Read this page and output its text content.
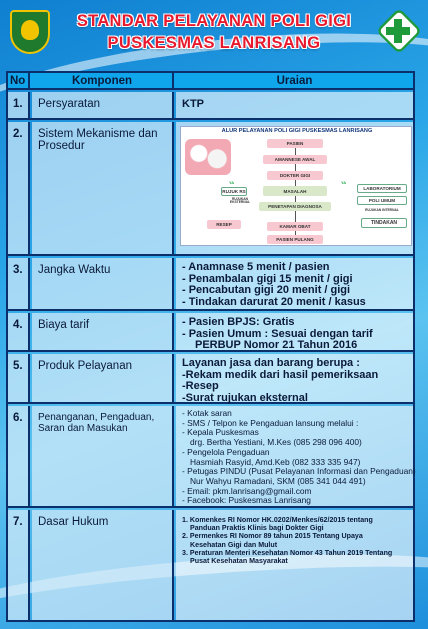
STANDAR PELAYANAN POLI GIGI
PUSKESMAS LANRISANG
No	Komponen	Uraian
1.	Persyaratan	KTP
2.	Sistem Mekanisme dan Prosedur
ALUR PELAYANAN POLI GIGI PUSKESMAS LANRISANG
PASIEN
AMANNESE AWAL
DOKTER GIGI
MASALAH
PENETAPAN DIAGNOSA
RUJUK RS
YA
RUJUKAN EKSTERNAL
LABORATORIUM
YA
POLI UMUM
RUJUKAN INTERNAL
TINDAKAN
RESEP	KAMAR OBAT
PASIEN PULANG
3.	Jangka Waktu	- Anamnase 5 menit / pasien
- Penambalan gigi 15 menit / gigi
- Pencabutan gigi 20 menit / gigi
- Tindakan darurat 20 menit / kasus
4.	Biaya tarif	- Pasien BPJS: Gratis
- Pasien Umum : Sesuai dengan tarif
PERBUP Nomor 21 Tahun 2016
5.	Produk Pelayanan	Layanan jasa dan barang berupa :
-Rekam medik dari hasil pemeriksaan
-Resep
-Surat rujukan eksternal
6.	Penanganan, Pengaduan, Saran dan Masukan
- Kotak saran
- SMS / Telpon ke Pengaduan lansung melalui :
- Kepala Puskesmas
drg. Bertha Yestiani, M.Kes (085 298 096 400)
- Pengelola Pengaduan
Hasmiah Rasyid, Amd.Keb (082 333 335 947)
- Petugas PINDU (Pusat Pelayanan Informasi dan Pengaduan)
Nur Wahyu Ramadani, SKM (085 341 044 491)
- Email: pkm.lanrisang@gmail.com
- Facebook: Puskesmas Lanrisang
7.	Dasar Hukum	1. Komenkes RI Nomor HK.0202/Menkes/62/2015 tentang
Panduan Praktis Klinis bagi Dokter Gigi
2. Permenkes RI Nomor 89 tahun 2015 Tentang Upaya
Kesehatan Gigi dan Mulut
3. Peraturan Menteri Kesehatan Nomor 43 Tahun 2019 Tentang
Pusat Kesehatan Masyarakat
